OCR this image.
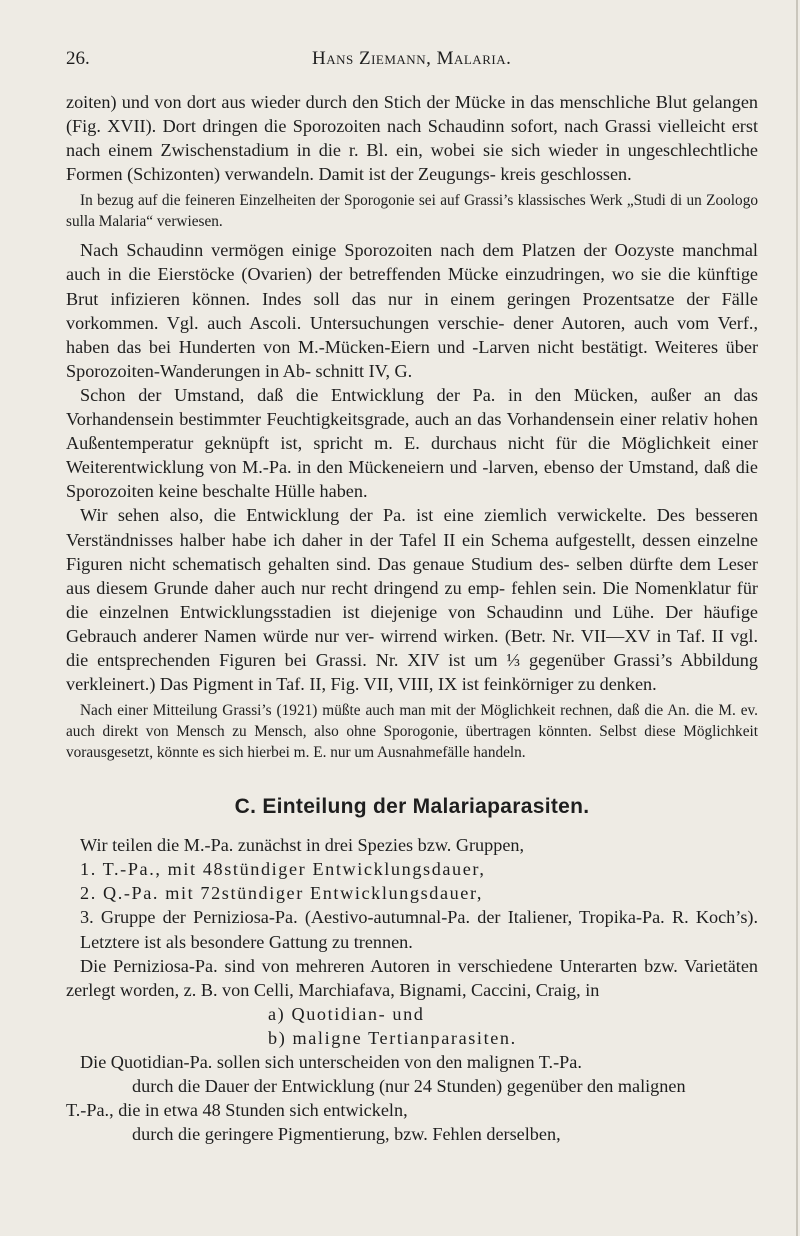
26.	Hans Ziemann, Malaria.

zoiten) und von dort aus wieder durch den Stich der Mücke in das menschliche Blut gelangen (Fig. XVII). Dort dringen die Sporozoiten nach Schaudinn sofort, nach Grassi vielleicht erst nach einem Zwischenstadium in die r. Bl. ein, wobei sie sich wieder in ungeschlechtliche Formen (Schizonten) verwandeln. Damit ist der Zeugungs- kreis geschlossen.

In bezug auf die feineren Einzelheiten der Sporogonie sei auf Grassi’s klassisches Werk „Studi di un Zoologo sulla Malaria“ verwiesen.

Nach Schaudinn vermögen einige Sporozoiten nach dem Platzen der Oozyste manchmal auch in die Eierstöcke (Ovarien) der betreffenden Mücke einzudringen, wo sie die künftige Brut infizieren können. Indes soll das nur in einem geringen Prozentsatze der Fälle vorkommen. Vgl. auch Ascoli. Untersuchungen verschie- dener Autoren, auch vom Verf., haben das bei Hunderten von M.-Mücken-Eiern und -Larven nicht bestätigt. Weiteres über Sporozoiten-Wanderungen in Ab- schnitt IV, G.

Schon der Umstand, daß die Entwicklung der Pa. in den Mücken, außer an das Vorhandensein bestimmter Feuchtigkeitsgrade, auch an das Vorhandensein einer relativ hohen Außentemperatur geknüpft ist, spricht m. E. durchaus nicht für die Möglichkeit einer Weiterentwicklung von M.-Pa. in den Mückeneiern und -larven, ebenso der Umstand, daß die Sporozoiten keine beschalte Hülle haben.

Wir sehen also, die Entwicklung der Pa. ist eine ziemlich verwickelte. Des besseren Verständnisses halber habe ich daher in der Tafel II ein Schema aufgestellt, dessen einzelne Figuren nicht schematisch gehalten sind. Das genaue Studium des- selben dürfte dem Leser aus diesem Grunde daher auch nur recht dringend zu emp- fehlen sein. Die Nomenklatur für die einzelnen Entwicklungsstadien ist diejenige von Schaudinn und Lühe. Der häufige Gebrauch anderer Namen würde nur ver- wirrend wirken. (Betr. Nr. VII—XV in Taf. II vgl. die entsprechenden Figuren bei Grassi. Nr. XIV ist um ⅓ gegenüber Grassi’s Abbildung verkleinert.) Das Pigment in Taf. II, Fig. VII, VIII, IX ist feinkörniger zu denken.

Nach einer Mitteilung Grassi’s (1921) müßte auch man mit der Möglichkeit rechnen, daß die An. die M. ev. auch direkt von Mensch zu Mensch, also ohne Sporogonie, übertragen könnten. Selbst diese Möglichkeit vorausgesetzt, könnte es sich hierbei m. E. nur um Ausnahmefälle handeln.

C. Einteilung der Malariaparasiten.

Wir teilen die M.-Pa. zunächst in drei Spezies bzw. Gruppen,

1. T.-Pa., mit 48stündiger Entwicklungsdauer,

2. Q.-Pa. mit 72stündiger Entwicklungsdauer,

3. Gruppe der Perniziosa-Pa. (Aestivo-autumnal-Pa. der Italiener, Tropika-Pa. R. Koch’s). Letztere ist als besondere Gattung zu trennen.

Die Perniziosa-Pa. sind von mehreren Autoren in verschiedene Unterarten bzw. Varietäten zerlegt worden, z. B. von Celli, Marchiafava, Bignami, Caccini, Craig, in

a) Quotidian- und

b) maligne Tertianparasiten.

Die Quotidian-Pa. sollen sich unterscheiden von den malignen T.-Pa.

durch die Dauer der Entwicklung (nur 24 Stunden) gegenüber den malignen

T.-Pa., die in etwa 48 Stunden sich entwickeln,

durch die geringere Pigmentierung, bzw. Fehlen derselben,
